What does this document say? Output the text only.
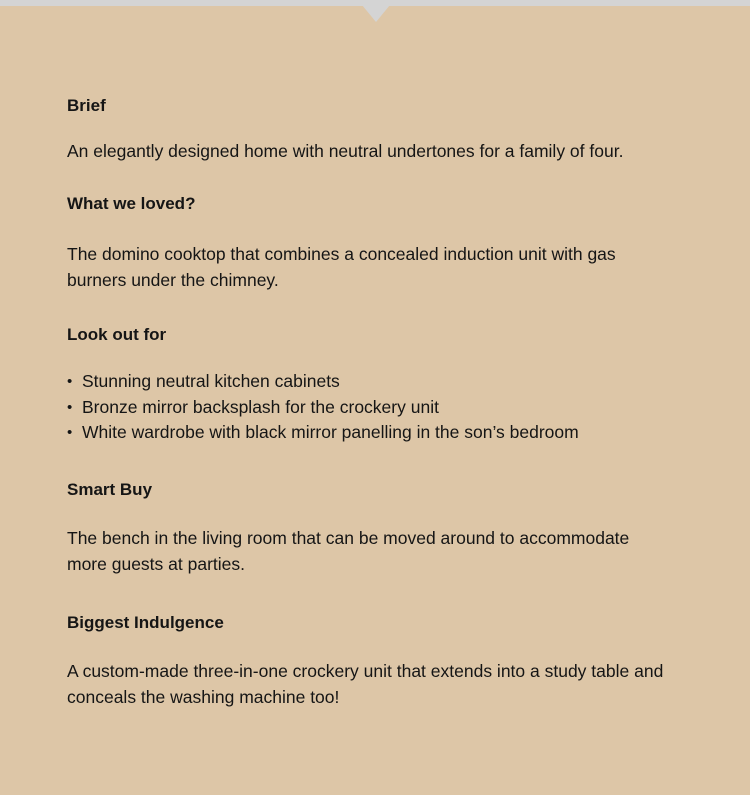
Brief

An elegantly designed home with neutral undertones for a family of four.

What we loved?

The domino cooktop that combines a concealed induction unit with gas burners under the chimney.

Look out for
• Stunning neutral kitchen cabinets
• Bronze mirror backsplash for the crockery unit
• White wardrobe with black mirror panelling in the son’s bedroom
Smart Buy

The bench in the living room that can be moved around to accommodate more guests at parties.

Biggest Indulgence

A custom-made three-in-one crockery unit that extends into a study table and conceals the washing machine too!
